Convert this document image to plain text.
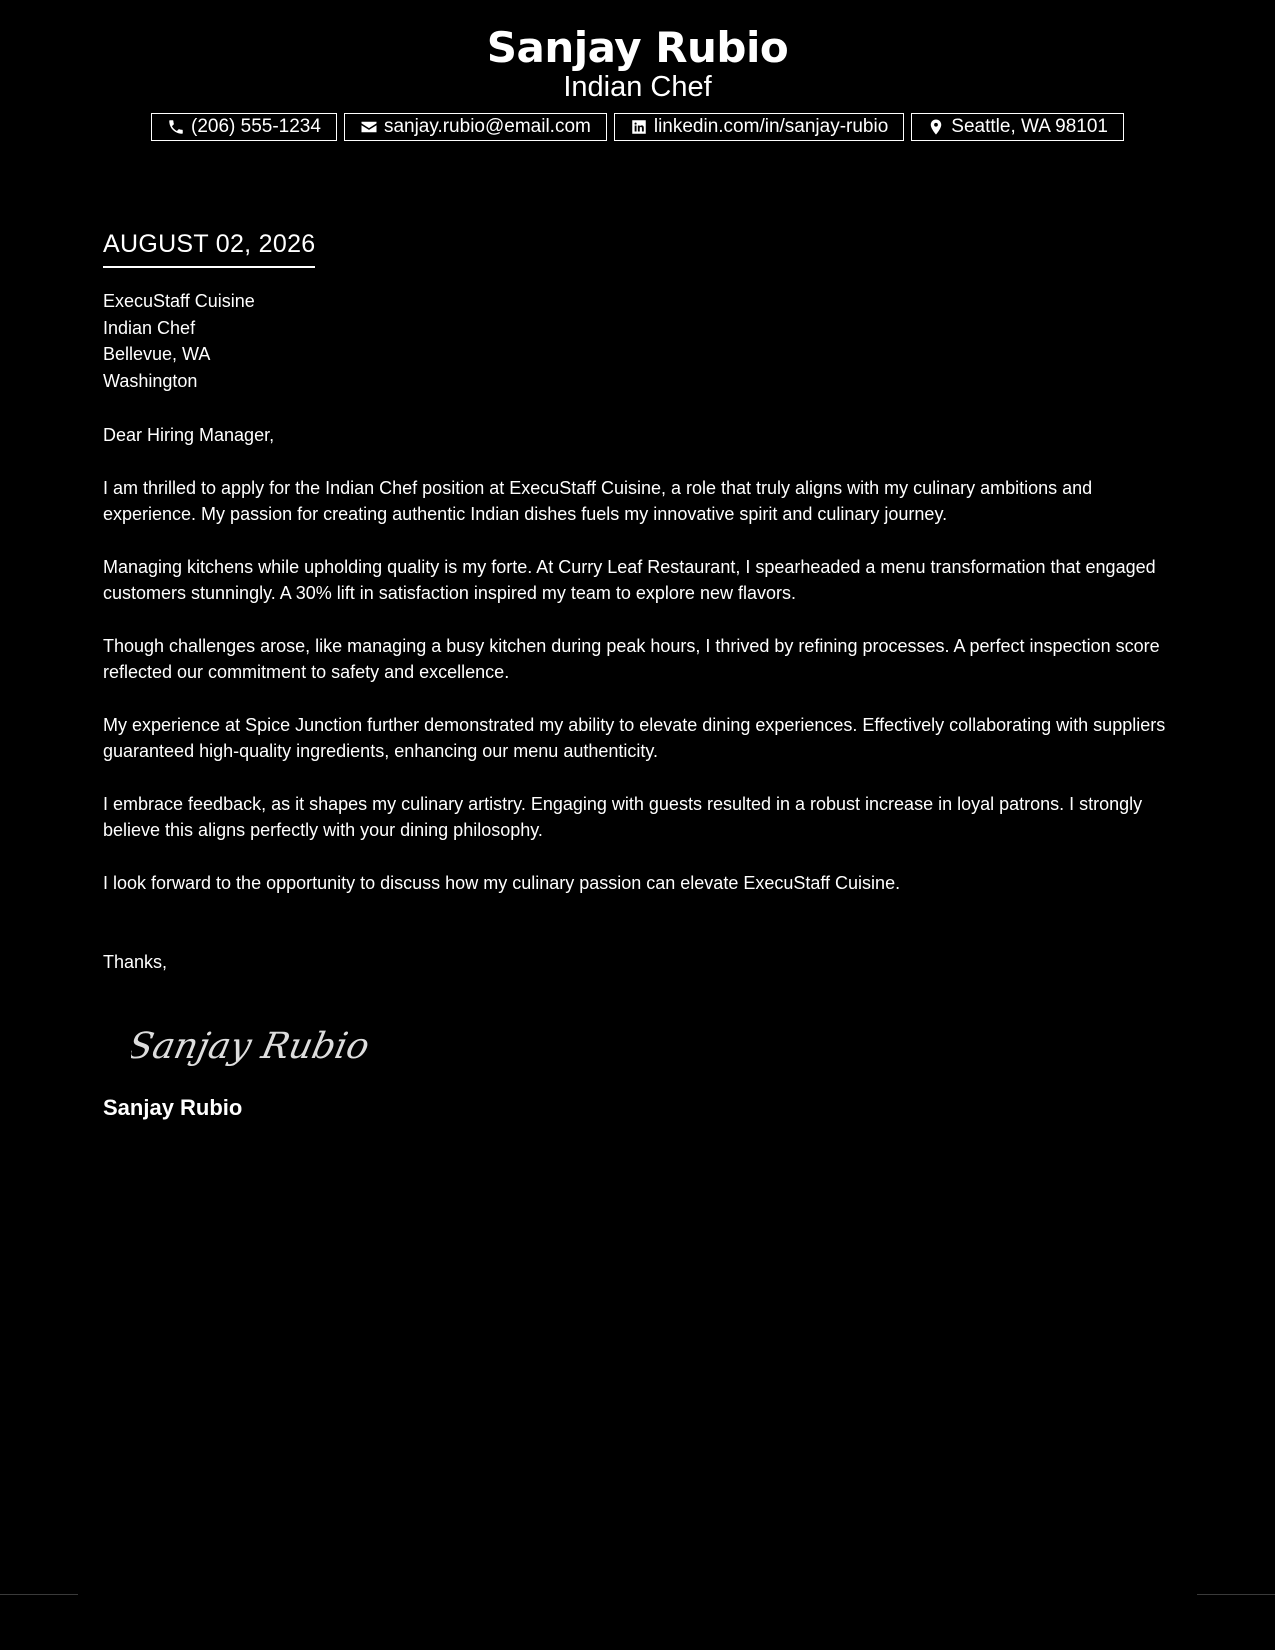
Sanjay Rubio
Indian Chef
(206) 555-1234	sanjay.rubio@email.com	linkedin.com/in/sanjay-rubio	Seattle, WA 98101
AUGUST 02, 2026
ExecuStaff Cuisine
Indian Chef
Bellevue, WA
Washington
Dear Hiring Manager,
I am thrilled to apply for the Indian Chef position at ExecuStaff Cuisine, a role that truly aligns with my culinary ambitions and experience. My passion for creating authentic Indian dishes fuels my innovative spirit and culinary journey.
Managing kitchens while upholding quality is my forte. At Curry Leaf Restaurant, I spearheaded a menu transformation that engaged customers stunningly. A 30% lift in satisfaction inspired my team to explore new flavors.
Though challenges arose, like managing a busy kitchen during peak hours, I thrived by refining processes. A perfect inspection score reflected our commitment to safety and excellence.
My experience at Spice Junction further demonstrated my ability to elevate dining experiences. Effectively collaborating with suppliers guaranteed high-quality ingredients, enhancing our menu authenticity.
I embrace feedback, as it shapes my culinary artistry. Engaging with guests resulted in a robust increase in loyal patrons. I strongly believe this aligns perfectly with your dining philosophy.
I look forward to the opportunity to discuss how my culinary passion can elevate ExecuStaff Cuisine.
Thanks,
Sanjay Rubio
Sanjay Rubio
